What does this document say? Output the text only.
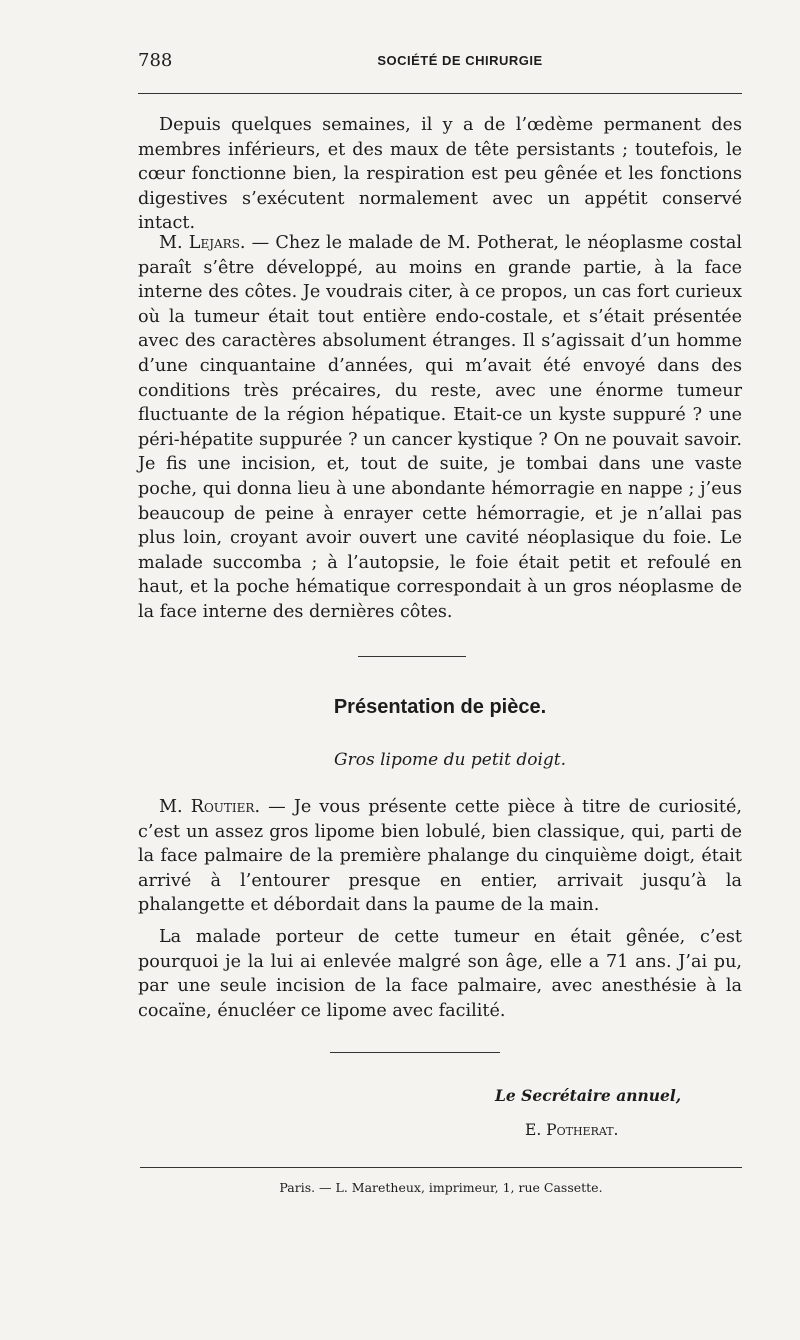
788	SOCIÉTÉ DE CHIRURGIE

Depuis quelques semaines, il y a de l’œdème permanent des membres inférieurs, et des maux de tête persistants ; toutefois, le cœur fonctionne bien, la respiration est peu gênée et les fonctions digestives s’exécutent normalement avec un appétit conservé intact.

M. Lejars. — Chez le malade de M. Potherat, le néoplasme costal paraît s’être développé, au moins en grande partie, à la face interne des côtes. Je voudrais citer, à ce propos, un cas fort curieux où la tumeur était tout entière endo-costale, et s’était présentée avec des caractères absolument étranges. Il s’agissait d’un homme d’une cinquantaine d’années, qui m’avait été envoyé dans des conditions très précaires, du reste, avec une énorme tumeur fluctuante de la région hépatique. Etait-ce un kyste suppuré ? une péri-hépatite suppurée ? un cancer kystique ? On ne pouvait savoir. Je fis une incision, et, tout de suite, je tombai dans une vaste poche, qui donna lieu à une abondante hémorragie en nappe ; j’eus beaucoup de peine à enrayer cette hémorragie, et je n’allai pas plus loin, croyant avoir ouvert une cavité néoplasique du foie. Le malade succomba ; à l’autopsie, le foie était petit et refoulé en haut, et la poche hématique correspondait à un gros néoplasme de la face interne des dernières côtes.

Présentation de pièce.
Gros lipome du petit doigt.

M. Routier. — Je vous présente cette pièce à titre de curiosité, c’est un assez gros lipome bien lobulé, bien classique, qui, parti de la face palmaire de la première phalange du cinquième doigt, était arrivé à l’entourer presque en entier, arrivait jusqu’à la phalangette et débordait dans la paume de la main.

La malade porteur de cette tumeur en était gênée, c’est pourquoi je la lui ai enlevée malgré son âge, elle a 71 ans. J’ai pu, par une seule incision de la face palmaire, avec anesthésie à la cocaïne, énucléer ce lipome avec facilité.

Le Secrétaire annuel,
E. Potherat.
Paris. — L. Maretheux, imprimeur, 1, rue Cassette.
